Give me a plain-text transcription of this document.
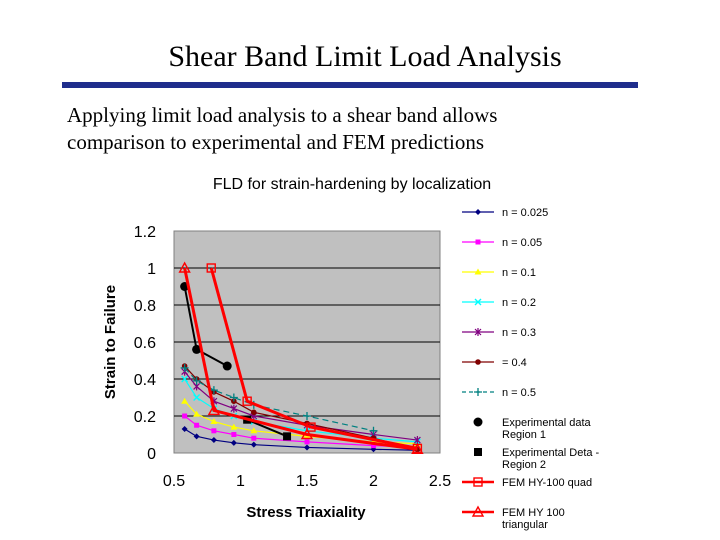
Shear Band Limit Load Analysis
Applying limit load analysis to a shear band allows
comparison to experimental and FEM predictions
FLD for strain-hardening by localization
0
0.2
0.4
0.6
0.8
1
1.2
0.5	1	1.5	2	2.5
Stress Triaxiality
Strain to Failure
n = 0.025
n = 0.05
n = 0.1
n = 0.2
n = 0.3
= 0.4
n = 0.5
Experimental data Region 1
Experimental Deta -Region 2
FEM HY-100 quad
FEM HY 100 triangular
